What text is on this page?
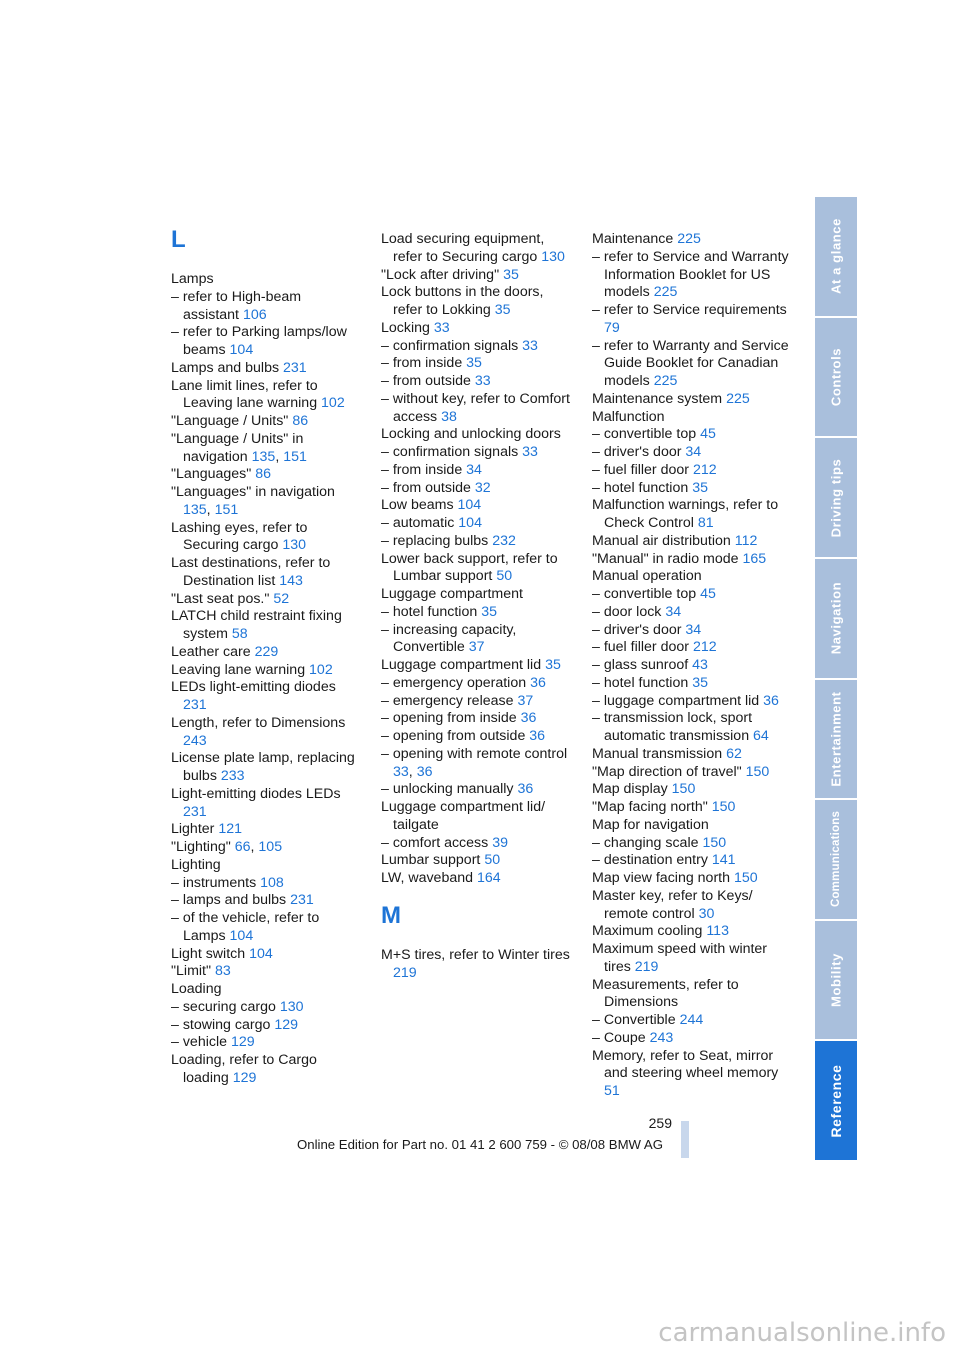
L
Lamps
– refer to High-beam assistant 106
– refer to Parking lamps/low beams 104
Lamps and bulbs 231
Lane limit lines, refer to Leaving lane warning 102
"Language / Units" 86
"Language / Units" in navigation 135, 151
"Languages" 86
"Languages" in navigation 135, 151
Lashing eyes, refer to Securing cargo 130
Last destinations, refer to Destination list 143
"Last seat pos." 52
LATCH child restraint fixing system 58
Leather care 229
Leaving lane warning 102
LEDs light-emitting diodes 231
Length, refer to Dimensions 243
License plate lamp, replacing bulbs 233
Light-emitting diodes LEDs 231
Lighter 121
"Lighting" 66, 105
Lighting
– instruments 108
– lamps and bulbs 231
– of the vehicle, refer to Lamps 104
Light switch 104
"Limit" 83
Loading
– securing cargo 130
– stowing cargo 129
– vehicle 129
Loading, refer to Cargo loading 129
Load securing equipment, refer to Securing cargo 130
"Lock after driving" 35
Lock buttons in the doors, refer to Lokking 35
Locking 33
– confirmation signals 33
– from inside 35
– from outside 33
– without key, refer to Comfort access 38
Locking and unlocking doors
– confirmation signals 33
– from inside 34
– from outside 32
Low beams 104
– automatic 104
– replacing bulbs 232
Lower back support, refer to Lumbar support 50
Luggage compartment
– hotel function 35
– increasing capacity, Convertible 37
Luggage compartment lid 35
– emergency operation 36
– emergency release 37
– opening from inside 36
– opening from outside 36
– opening with remote control 33, 36
– unlocking manually 36
Luggage compartment lid/ tailgate
– comfort access 39
Lumbar support 50
LW, waveband 164
M
M+S tires, refer to Winter tires 219
Maintenance 225
– refer to Service and Warranty Information Booklet for US models 225
– refer to Service requirements 79
– refer to Warranty and Service Guide Booklet for Canadian models 225
Maintenance system 225
Malfunction
– convertible top 45
– driver's door 34
– fuel filler door 212
– hotel function 35
Malfunction warnings, refer to Check Control 81
Manual air distribution 112
"Manual" in radio mode 165
Manual operation
– convertible top 45
– door lock 34
– driver's door 34
– fuel filler door 212
– glass sunroof 43
– hotel function 35
– luggage compartment lid 36
– transmission lock, sport automatic transmission 64
Manual transmission 62
"Map direction of travel" 150
Map display 150
"Map facing north" 150
Map for navigation
– changing scale 150
– destination entry 141
Map view facing north 150
Master key, refer to Keys/ remote control 30
Maximum cooling 113
Maximum speed with winter tires 219
Measurements, refer to Dimensions
– Convertible 244
– Coupe 243
Memory, refer to Seat, mirror and steering wheel memory 51
At a glance
Controls
Driving tips
Navigation
Entertainment
Communications
Mobility
Reference
259
Online Edition for Part no. 01 41 2 600 759 - © 08/08 BMW AG
carmanualsonline.info
